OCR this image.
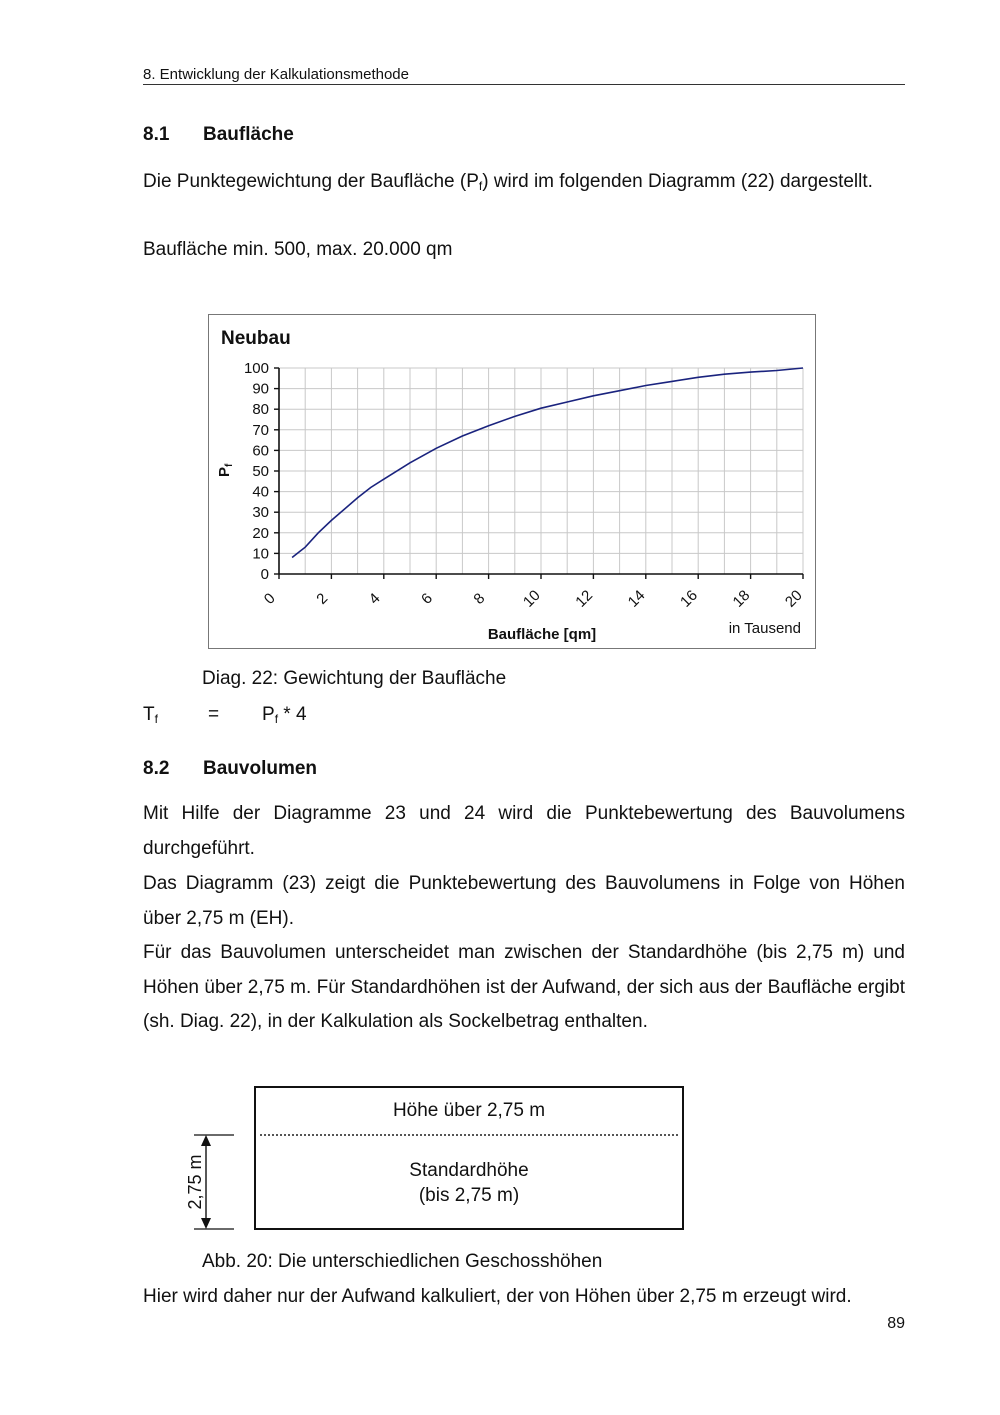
8. Entwicklung der Kalkulationsmethode
8.1 Baufläche
Die Punktegewichtung der Baufläche $(P_f)$ wird im folgenden Diagramm (22) dargestellt.
Baufläche min. 500, max. 20.000 qm
Neubau
0
10
20
30
40
50
60
70
80
90
100
0 2 4 6 8 10 12 14 16 18 20
$P_f$
Baufläche [qm]	in Tausend
Diag. 22: Gewichtung der Baufläche
$T_f$	= $P_f * 4$
8.2 Bauvolumen
Mit Hilfe der Diagramme 23 und 24 wird die Punktebewertung des Bauvolumens durchgeführt.
Das Diagramm (23) zeigt die Punktebewertung des Bauvolumens in Folge von Höhen über 2,75 m (EH).
Für das Bauvolumen unterscheidet man zwischen der Standardhöhe (bis 2,75 m) und Höhen über 2,75 m. Für Standardhöhen ist der Aufwand, der sich aus der Baufläche ergibt (sh. Diag. 22), in der Kalkulation als Sockelbetrag enthalten.
2,75 m
Höhe über 2,75 m
Standardhöhe
(bis 2,75 m)
Abb. 20: Die unterschiedlichen Geschosshöhen
Hier wird daher nur der Aufwand kalkuliert, der von Höhen über 2,75 m erzeugt wird.
89
